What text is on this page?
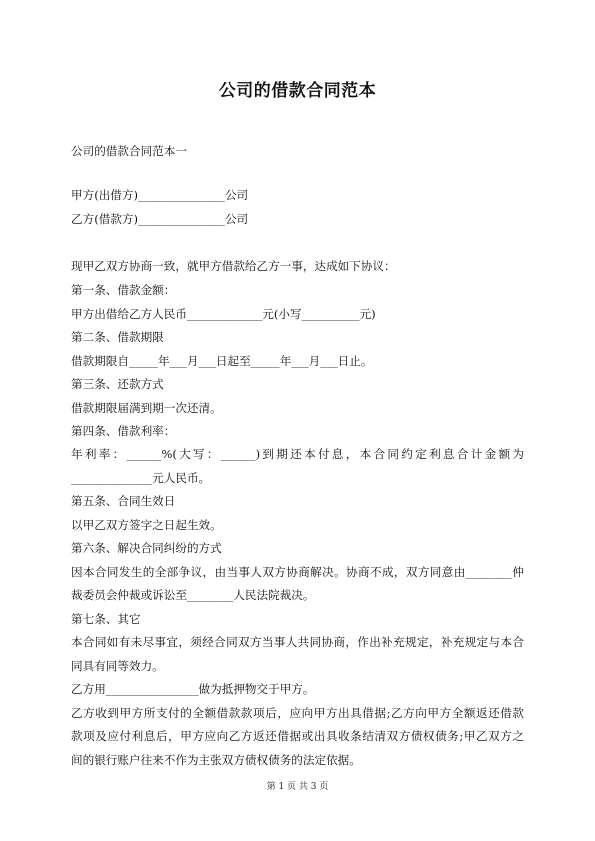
公司的借款合同范本
公司的借款合同范本一
甲方(出借方)_______________公司
乙方(借款方)_______________公司
现甲乙双方协商一致，就甲方借款给乙方一事，达成如下协议：
第一条、借款金额：
甲方出借给乙方人民币_____________元(小写__________元)
第二条、借款期限
借款期限自_____年___月___日起至_____年___月___日止。
第三条、还款方式
借款期限届满到期一次还清。
第四条、借款利率：
年利率：______%(大写：______)到期还本付息，本合同约定利息合计金额为
______________元人民币。
第五条、合同生效日
以甲乙双方签字之日起生效。
第六条、解决合同纠纷的方式
因本合同发生的全部争议，由当事人双方协商解决。协商不成，双方同意由________仲
裁委员会仲裁或诉讼至________人民法院裁决。
第七条、其它
本合同如有未尽事宜，须经合同双方当事人共同协商，作出补充规定，补充规定与本合
同具有同等效力。
乙方用________________做为抵押物交于甲方。
乙方收到甲方所支付的全额借款款项后，应向甲方出具借据;乙方向甲方全额返还借款
款项及应付利息后，甲方应向乙方返还借据或出具收条结清双方债权债务;甲乙双方之
间的银行账户往来不作为主张双方债权债务的法定依据。
第 1 页 共 3 页
